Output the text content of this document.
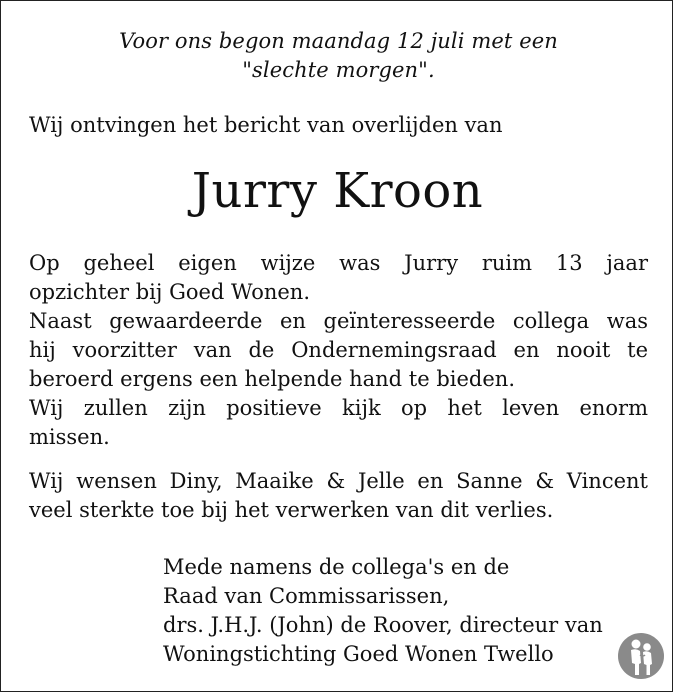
Voor ons begon maandag 12 juli met een
"slechte morgen".
Wij ontvingen het bericht van overlijden van
Jurry Kroon
Op geheel eigen wijze was Jurry ruim 13 jaar
opzichter bij Goed Wonen.
Naast gewaardeerde en geïnteresseerde collega was
hij voorzitter van de Ondernemingsraad en nooit te
beroerd ergens een helpende hand te bieden.
Wij zullen zijn positieve kijk op het leven enorm
missen.
Wij wensen Diny, Maaike & Jelle en Sanne & Vincent
veel sterkte toe bij het verwerken van dit verlies.
Mede namens de collega's en de
Raad van Commissarissen,
drs. J.H.J. (John) de Roover, directeur van
Woningstichting Goed Wonen Twello
